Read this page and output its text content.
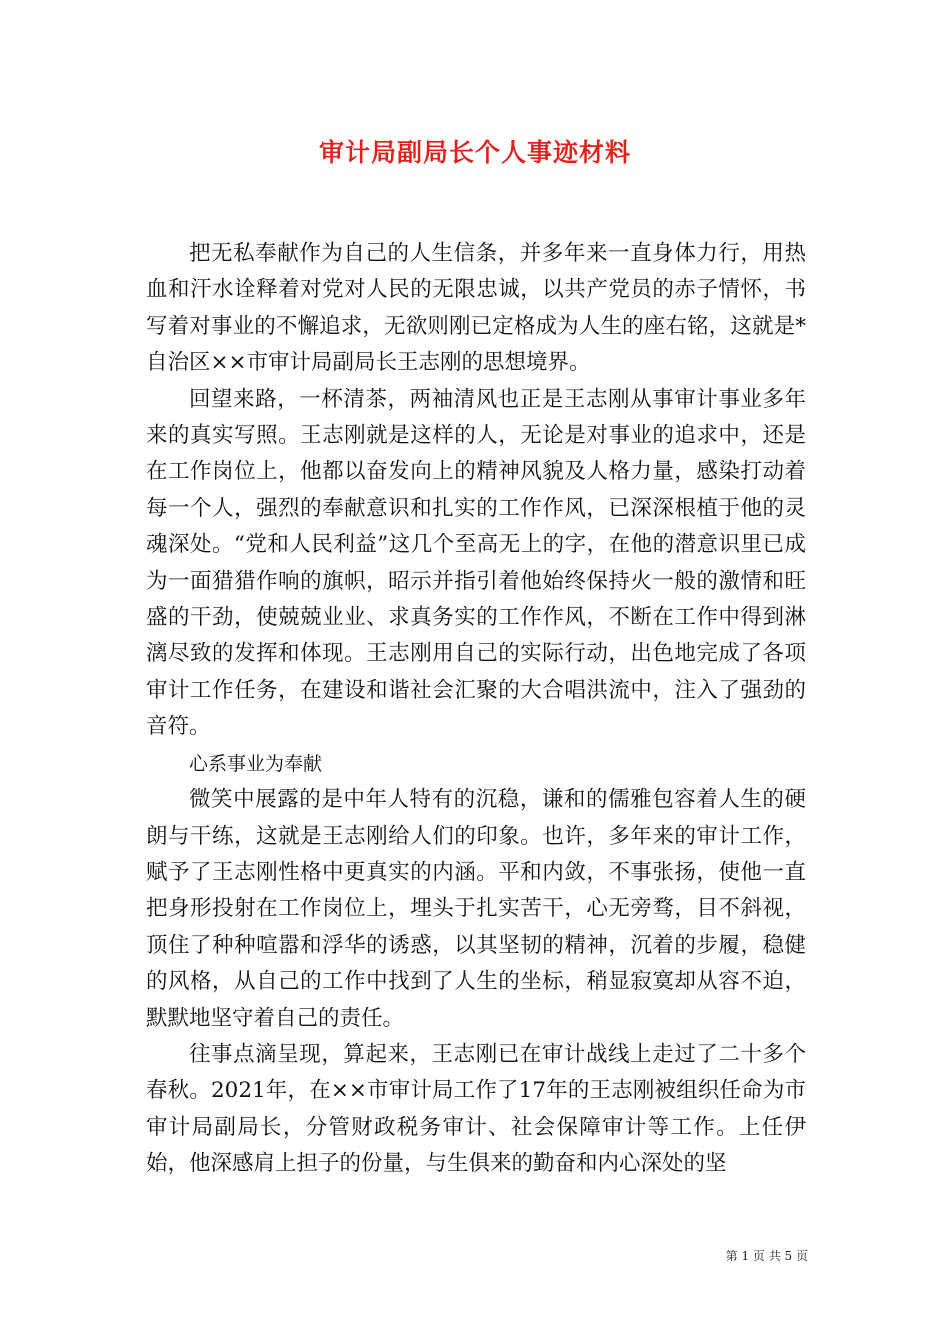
审计局副局长个人事迹材料

把无私奉献作为自己的人生信条，并多年来一直身体力行，用热血和汗水诠释着对党对人民的无限忠诚，以共产党员的赤子情怀，书写着对事业的不懈追求，无欲则刚已定格成为人生的座右铭，这就是*自治区××市审计局副局长王志刚的思想境界。

回望来路，一杯清茶，两袖清风也正是王志刚从事审计事业多年来的真实写照。王志刚就是这样的人，无论是对事业的追求中，还是在工作岗位上，他都以奋发向上的精神风貌及人格力量，感染打动着每一个人，强烈的奉献意识和扎实的工作作风，已深深根植于他的灵魂深处。“党和人民利益”这几个至高无上的字，在他的潜意识里已成为一面猎猎作响的旗帜，昭示并指引着他始终保持火一般的激情和旺盛的干劲，使兢兢业业、求真务实的工作作风，不断在工作中得到淋漓尽致的发挥和体现。王志刚用自己的实际行动，出色地完成了各项审计工作任务，在建设和谐社会汇聚的大合唱洪流中，注入了强劲的音符。

心系事业为奉献

微笑中展露的是中年人特有的沉稳，谦和的儒雅包容着人生的硬朗与干练，这就是王志刚给人们的印象。也许，多年来的审计工作，赋予了王志刚性格中更真实的内涵。平和内敛，不事张扬，使他一直把身形投射在工作岗位上，埋头于扎实苦干，心无旁骛，目不斜视，顶住了种种喧嚣和浮华的诱惑，以其坚韧的精神，沉着的步履，稳健的风格，从自己的工作中找到了人生的坐标，稍显寂寞却从容不迫，默默地坚守着自己的责任。

往事点滴呈现，算起来，王志刚已在审计战线上走过了二十多个春秋。2021年，在××市审计局工作了17年的王志刚被组织任命为市审计局副局长，分管财政税务审计、社会保障审计等工作。上任伊始，他深感肩上担子的份量，与生俱来的勤奋和内心深处的坚

第 1 页 共 5 页
